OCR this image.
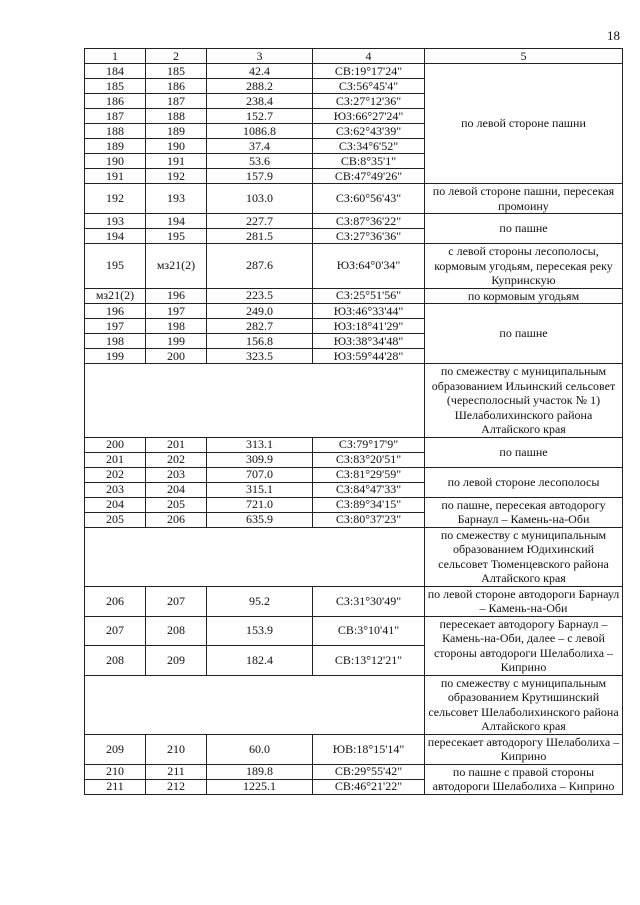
18
1	2	3	4	5
184	185	42.4	СВ:19°17'24"	по левой стороне пашни
185	186	288.2	СЗ:56°45'4"	
186	187	238.4	СЗ:27°12'36"	
187	188	152.7	ЮЗ:66°27'24"	
188	189	1086.8	СЗ:62°43'39"	
189	190	37.4	СЗ:34°6'52"	
190	191	53.6	СВ:8°35'1"	
191	192	157.9	СВ:47°49'26"	
192	193	103.0	СЗ:60°56'43"	по левой стороне пашни, пересекая промоину
193	194	227.7	СЗ:87°36'22"	по пашне
194	195	281.5	СЗ:27°36'36"	
195	мз21(2)	287.6	ЮЗ:64°0'34"	с левой стороны лесополосы, кормовым угодьям, пересекая реку Купринскую
мз21(2)	196	223.5	СЗ:25°51'56"	по кормовым угодьям
196	197	249.0	ЮЗ:46°33'44"	по пашне
197	198	282.7	ЮЗ:18°41'29"	
198	199	156.8	ЮЗ:38°34'48"	
199	200	323.5	ЮЗ:59°44'28"	
				по смежеству с муниципальным образованием Ильинский сельсовет (чересполосный участок № 1) Шелаболихинского района Алтайского края
200	201	313.1	СЗ:79°17'9"	по пашне
201	202	309.9	СЗ:83°20'51"	
202	203	707.0	СЗ:81°29'59"	по левой стороне лесополосы
203	204	315.1	СЗ:84°47'33"	
204	205	721.0	СЗ:89°34'15"	по пашне, пересекая автодорогу Барнаул – Камень-на-Оби
205	206	635.9	СЗ:80°37'23"	
				по смежеству с муниципальным образованием Юдихинский сельсовет Тюменцевского района Алтайского края
206	207	95.2	СЗ:31°30'49"	по левой стороне автодороги Барнаул – Камень-на-Оби
207	208	153.9	СВ:3°10'41"	пересекает автодорогу Барнаул – Камень-на-Оби, далее – с левой стороны автодороги Шелаболиха – Киприно
208	209	182.4	СВ:13°12'21"	
				по смежеству с муниципальным образованием Крутишинский сельсовет Шелаболихинского района Алтайского края
209	210	60.0	ЮВ:18°15'14"	пересекает автодорогу Шелаболиха – Киприно
210	211	189.8	СВ:29°55'42"	по пашне с правой стороны автодороги Шелаболиха – Киприно
211	212	1225.1	СВ:46°21'22"	
